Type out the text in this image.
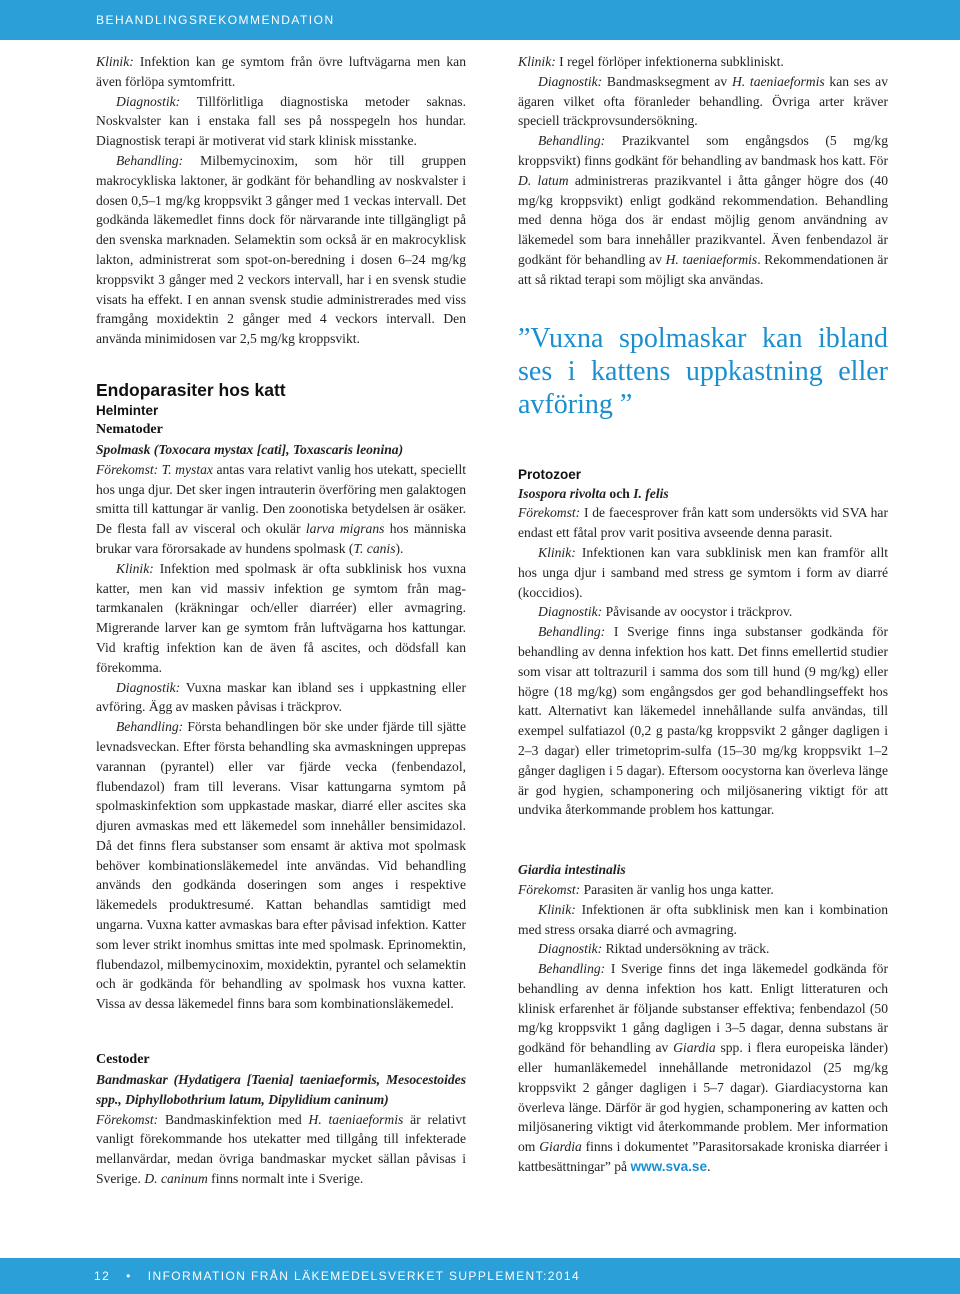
BEHANDLINGSREKOMMENDATION

Klinik: Infektion kan ge symtom från övre luftvägarna men kan även förlöpa symtomfritt.

Diagnostik: Tillförlitliga diagnostiska metoder saknas. Noskvalster kan i enstaka fall ses på nosspegeln hos hundar. Diagnostisk terapi är motiverat vid stark klinisk misstanke.

Behandling: Milbemycinoxim, som hör till gruppen makrocykliska laktoner, är godkänt för behandling av noskvalster i dosen 0,5–1 mg/kg kroppsvikt 3 gånger med 1 veckas intervall. Det godkända läkemedlet finns dock för närvarande inte tillgängligt på den svenska marknaden. Selamektin som också är en makrocyklisk lakton, administrerat som spot-on-beredning i dosen 6–24 mg/kg kroppsvikt 3 gånger med 2 veckors intervall, har i en svensk studie visats ha effekt. I en annan svensk studie administrerades med viss framgång moxidektin 2 gånger med 4 veckors intervall. Den använda minimidosen var 2,5 mg/kg kroppsvikt.

Endoparasiter hos katt
Helminter
Nematoder
Spolmask (Toxocara mystax [cati], Toxascaris leonina)

Förekomst: T. mystax antas vara relativt vanlig hos utekatt, speciellt hos unga djur. Det sker ingen intrauterin överföring men galaktogen smitta till kattungar är vanlig. Den zoonotiska betydelsen är osäker. De flesta fall av visceral och okulär larva migrans hos människa brukar vara förorsakade av hundens spolmask (T. canis).

Klinik: Infektion med spolmask är ofta subklinisk hos vuxna katter, men kan vid massiv infektion ge symtom från mag-tarmkanalen (kräkningar och/eller diarréer) eller avmagring. Migrerande larver kan ge symtom från luftvägarna hos kattungar. Vid kraftig infektion kan de även få ascites, och dödsfall kan förekomma.

Diagnostik: Vuxna maskar kan ibland ses i uppkastning eller avföring. Ägg av masken påvisas i träckprov.

Behandling: Första behandlingen bör ske under fjärde till sjätte levnadsveckan. Efter första behandling ska avmaskningen upprepas varannan (pyrantel) eller var fjärde vecka (fenbendazol, flubendazol) fram till leverans. Visar kattungarna symtom på spolmaskinfektion som uppkastade maskar, diarré eller ascites ska djuren avmaskas med ett läkemedel som innehåller bensimidazol. Då det finns flera substanser som ensamt är aktiva mot spolmask behöver kombinationsläkemedel inte användas. Vid behandling används den godkända doseringen som anges i respektive läkemedels produktresumé. Kattan behandlas samtidigt med ungarna. Vuxna katter avmaskas bara efter påvisad infektion. Katter som lever strikt inomhus smittas inte med spolmask. Eprinomektin, flubendazol, milbemycinoxim, moxidektin, pyrantel och selamektin och är godkända för behandling av spolmask hos vuxna katter. Vissa av dessa läkemedel finns bara som kombinationsläkemedel.

Cestoder
Bandmaskar (Hydatigera [Taenia] taeniaeformis, Mesocestoides spp., Diphyllobothrium latum, Dipylidium caninum)

Förekomst: Bandmaskinfektion med H. taeniaeformis är relativt vanligt förekommande hos utekatter med tillgång till infekterade mellanvärdar, medan övriga bandmaskar mycket sällan påvisas i Sverige. D. caninum finns normalt inte i Sverige.

Klinik: I regel förlöper infektionerna subkliniskt.

Diagnostik: Bandmasksegment av H. taeniaeformis kan ses av ägaren vilket ofta föranleder behandling. Övriga arter kräver speciell träckprovsundersökning.

Behandling: Prazikvantel som engångsdos (5 mg/kg kroppsvikt) finns godkänt för behandling av bandmask hos katt. För D. latum administreras prazikvantel i åtta gånger högre dos (40 mg/kg kroppsvikt) enligt godkänd rekommendation. Behandling med denna höga dos är endast möjlig genom användning av läkemedel som bara innehåller prazikvantel. Även fenbendazol är godkänt för behandling av H. taeniaeformis. Rekommendationen är att så riktad terapi som möjligt ska användas.

”Vuxna spolmaskar kan ibland ses i kattens uppkastning eller avföring ”
Protozoer
Isospora rivolta och I. felis

Förekomst: I de faecesprover från katt som undersökts vid SVA har endast ett fåtal prov varit positiva avseende denna parasit.

Klinik: Infektionen kan vara subklinisk men kan framför allt hos unga djur i samband med stress ge symtom i form av diarré (koccidios).

Diagnostik: Påvisande av oocystor i träckprov.

Behandling: I Sverige finns inga substanser godkända för behandling av denna infektion hos katt. Det finns emellertid studier som visar att toltrazuril i samma dos som till hund (9 mg/kg) eller högre (18 mg/kg) som engångsdos ger god behandlingseffekt hos katt. Alternativt kan läkemedel innehållande sulfa användas, till exempel sulfatiazol (0,2 g pasta/kg kroppsvikt 2 gånger dagligen i 2–3 dagar) eller trimetoprim-sulfa (15–30 mg/kg kroppsvikt 1–2 gånger dagligen i 5 dagar). Eftersom oocystorna kan överleva länge är god hygien, schamponering och miljösanering viktigt för att undvika återkommande problem hos kattungar.

Giardia intestinalis

Förekomst: Parasiten är vanlig hos unga katter.

Klinik: Infektionen är ofta subklinisk men kan i kombination med stress orsaka diarré och avmagring.

Diagnostik: Riktad undersökning av träck.

Behandling: I Sverige finns det inga läkemedel godkända för behandling av denna infektion hos katt. Enligt litteraturen och klinisk erfarenhet är följande substanser effektiva; fenbendazol (50 mg/kg kroppsvikt 1 gång dagligen i 3–5 dagar, denna substans är godkänd för behandling av Giardia spp. i flera europeiska länder) eller humanläkemedel innehållande metronidazol (25 mg/kg kroppsvikt 2 gånger dagligen i 5–7 dagar). Giardiacystorna kan överleva länge. Därför är god hygien, schamponering av katten och miljösanering viktigt vid återkommande problem. Mer information om Giardia finns i dokumentet ”Parasitorsakade kroniska diarréer i kattbesättningar” på www.sva.se.

12 • INFORMATION FRÅN LÄKEMEDELSVERKET SUPPLEMENT:2014
